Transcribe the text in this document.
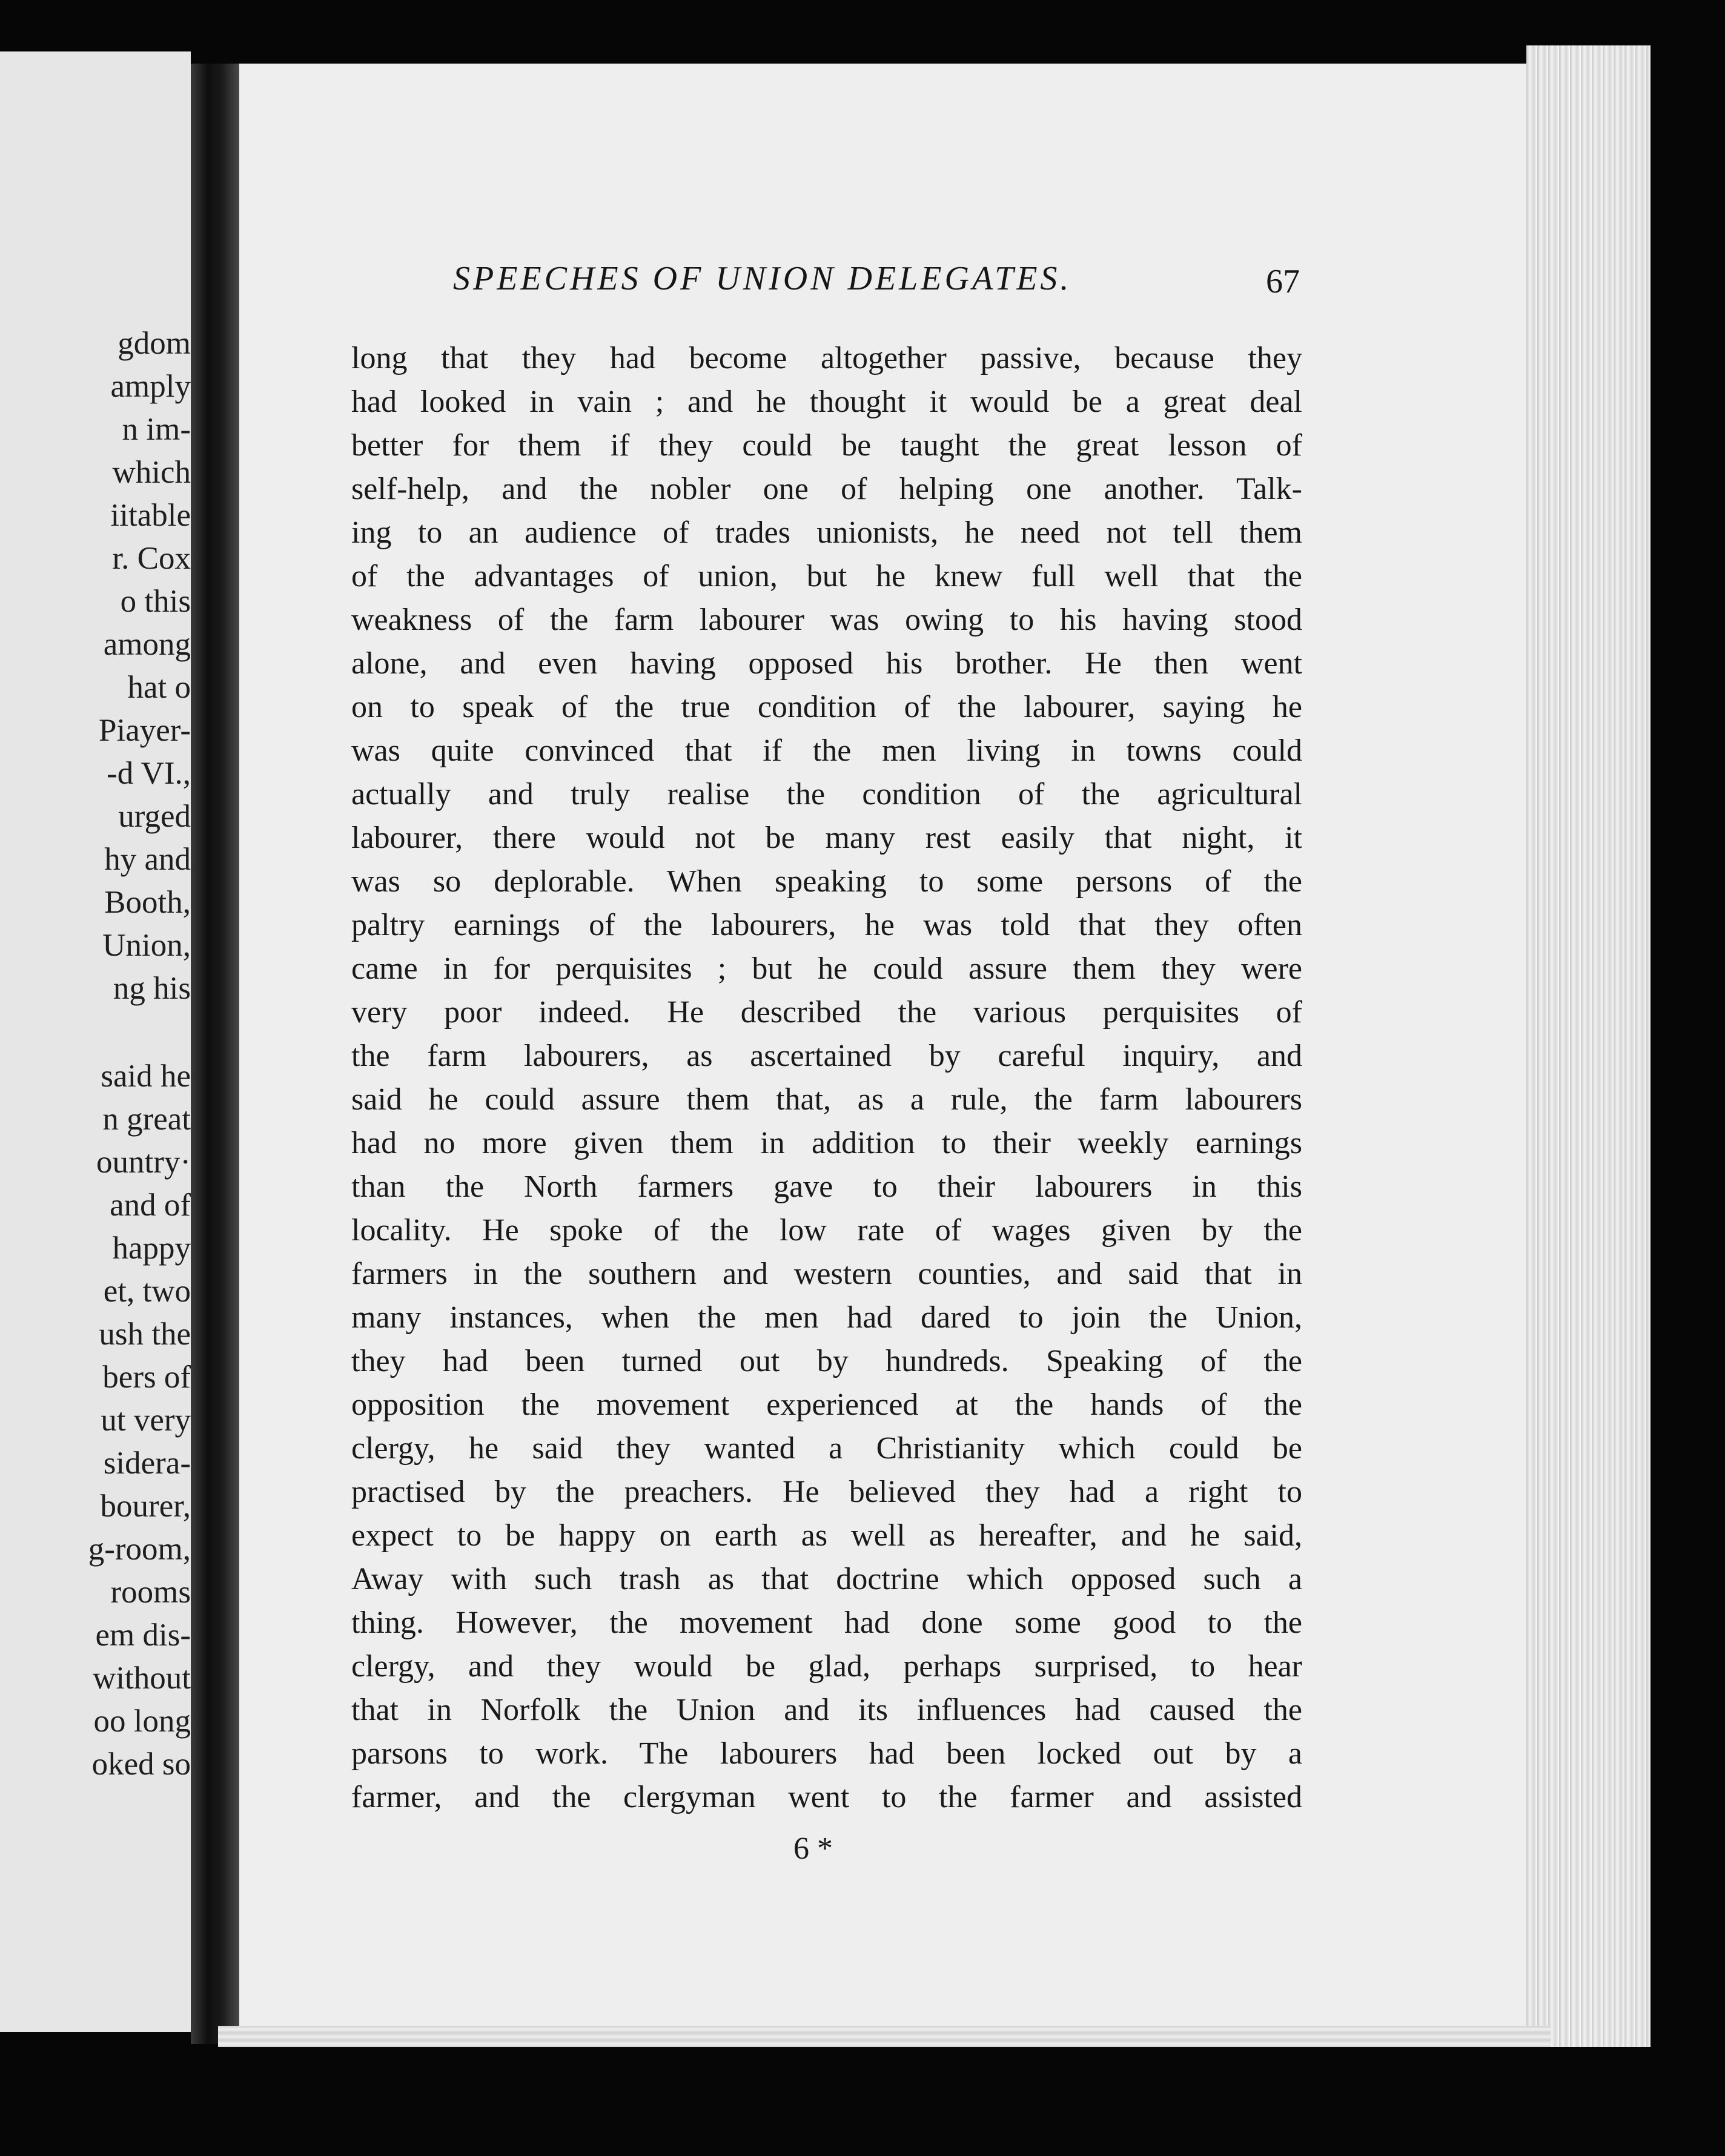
gdom
amply
n im-
which
iitable
r. Cox
o this
among
hat o
Piayer-
-d VI.,
urged
hy and
Booth,
Union,
ng his
said he
n great
ountry·
and of
happy
et, two
ush the
bers of
ut very
sidera-
bourer,
g-room,
rooms
em dis-
without
oo long
oked so
SPEECHES OF UNION DELEGATES.	67
long that they had become altogether passive, because they
had looked in vain ; and he thought it would be a great deal
better for them if they could be taught the great lesson of
self-help, and the nobler one of helping one another. Talk-
ing to an audience of trades unionists, he need not tell them
of the advantages of union, but he knew full well that the
weakness of the farm labourer was owing to his having stood
alone, and even having opposed his brother. He then went
on to speak of the true condition of the labourer, saying he
was quite convinced that if the men living in towns could
actually and truly realise the condition of the agricultural
labourer, there would not be many rest easily that night, it
was so deplorable. When speaking to some persons of the
paltry earnings of the labourers, he was told that they often
came in for perquisites ; but he could assure them they were
very poor indeed. He described the various perquisites of
the farm labourers, as ascertained by careful inquiry, and
said he could assure them that, as a rule, the farm labourers
had no more given them in addition to their weekly earnings
than the North farmers gave to their labourers in this
locality. He spoke of the low rate of wages given by the
farmers in the southern and western counties, and said that in
many instances, when the men had dared to join the Union,
they had been turned out by hundreds. Speaking of the
opposition the movement experienced at the hands of the
clergy, he said they wanted a Christianity which could be
practised by the preachers. He believed they had a right to
expect to be happy on earth as well as hereafter, and he said,
Away with such trash as that doctrine which opposed such a
thing. However, the movement had done some good to the
clergy, and they would be glad, perhaps surprised, to hear
that in Norfolk the Union and its influences had caused the
parsons to work. The labourers had been locked out by a
farmer, and the clergyman went to the farmer and assisted
6 *
